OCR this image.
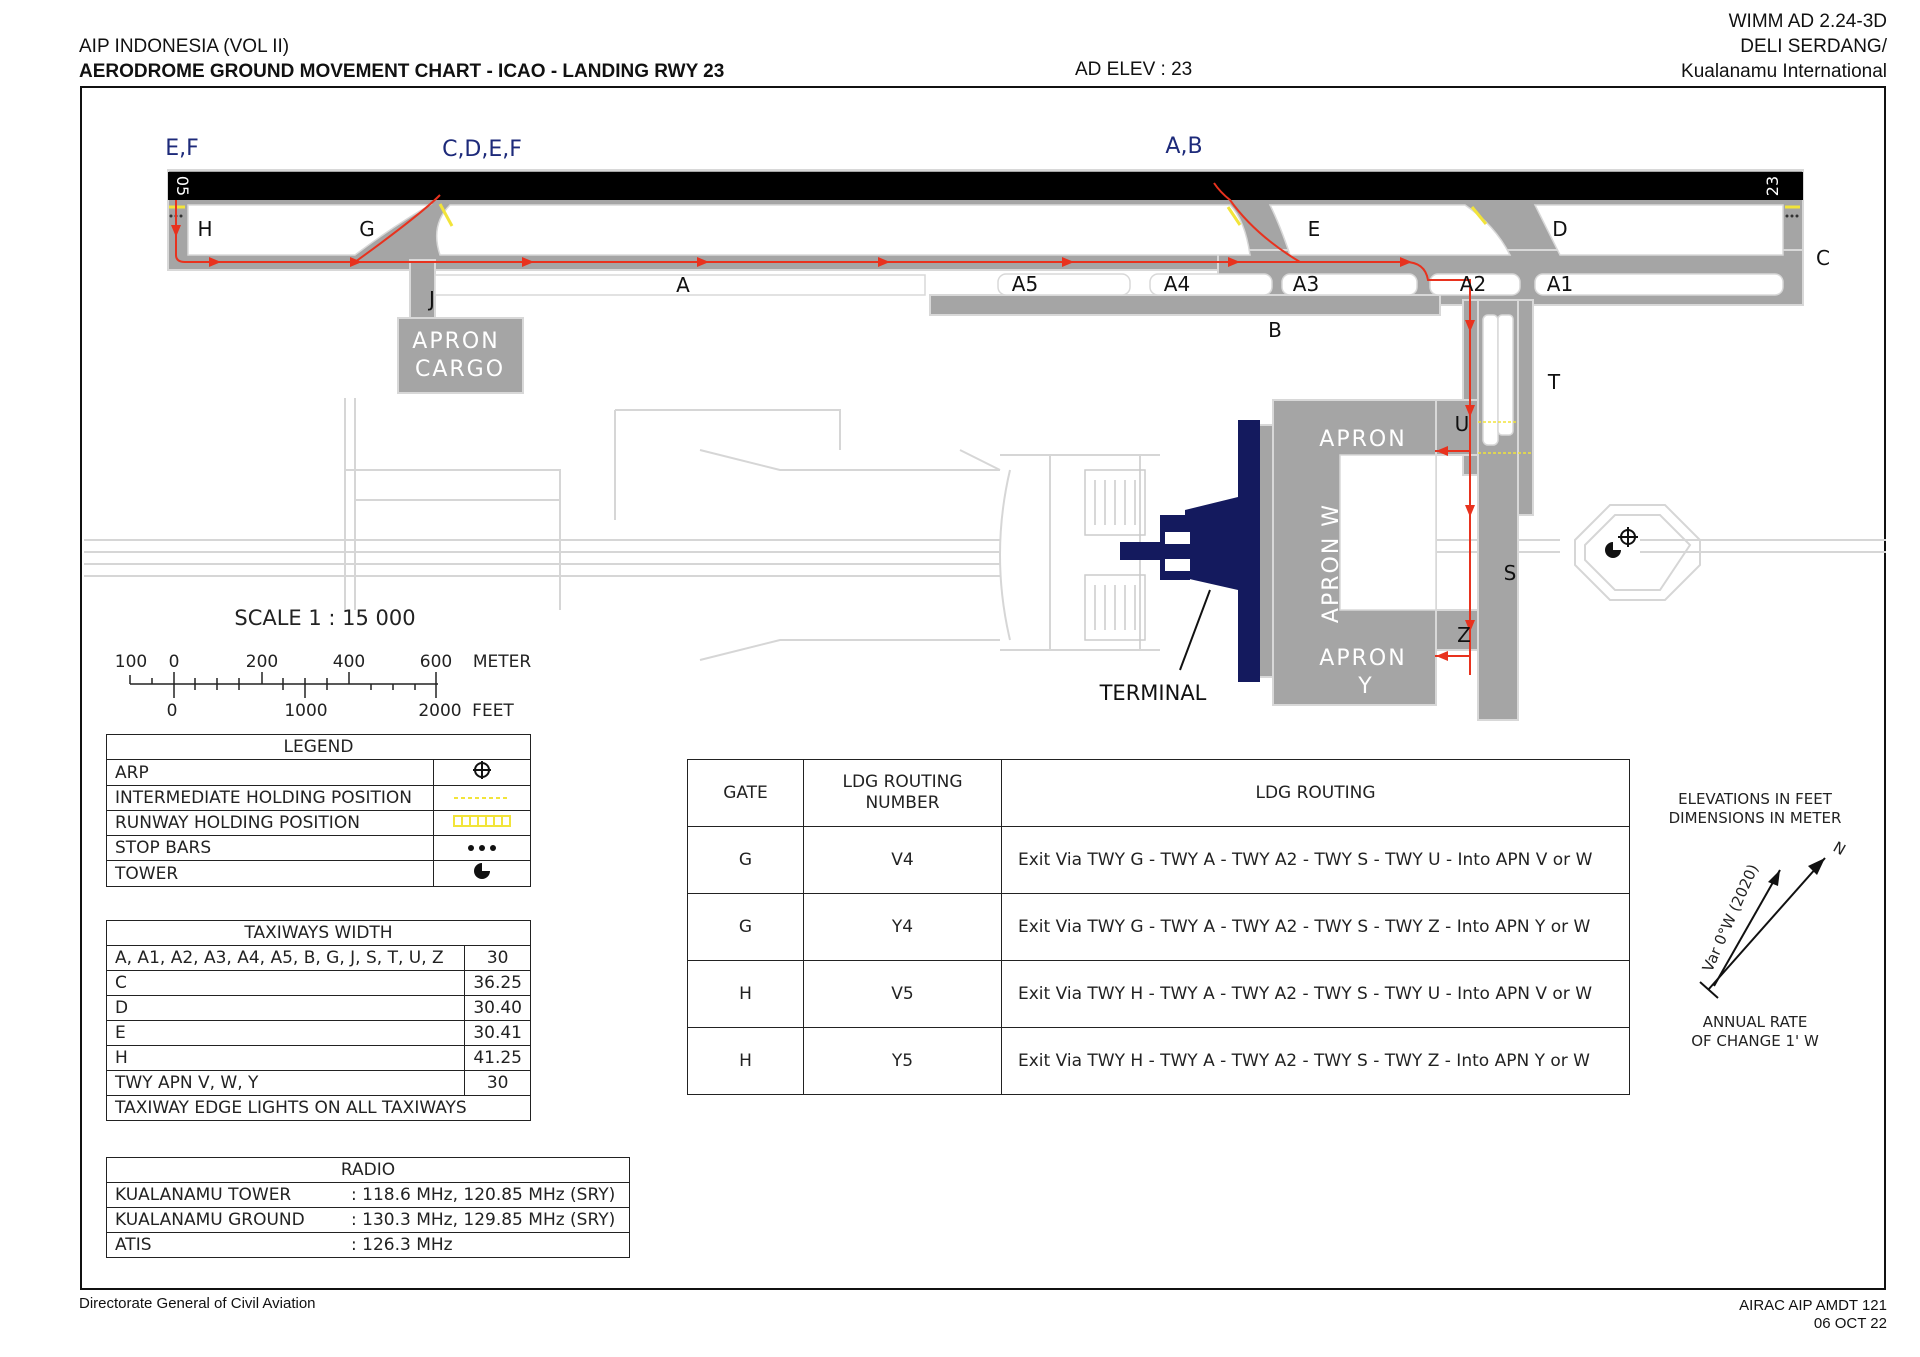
AIP INDONESIA (VOL II)
AERODROME GROUND MOVEMENT CHART - ICAO - LANDING RWY 23	AD ELEV : 23
WIMM AD 2.24-3D
DELI SERDANG/
Kualanamu International
E,F	C,D,E,F	A,B
05	23
H	G	E	D
C
J
A	A5	A4	A3	A2	A1
B
T
U
S
Z
APRON
CARGO
APRON
V
APRON W
APRON
Y
TERMINAL
SCALE 1 : 15 000
100 0	200	400	600 METER
0	1000	2000 FEET
N
Var 0°W (2020)
LEGEND	
ARP	
INTERMEDIATE HOLDING POSITION	
RUNWAY HOLDING POSITION	
STOP BARS	
TOWER	
TAXIWAYS WIDTH	
A, A1, A2, A3, A4, A5, B, G, J, S, T, U, Z	30
C	36.25
D	30.40
E	30.41
H	41.25
TWY APN V, W, Y	30
TAXIWAY EDGE LIGHTS ON ALL TAXIWAYS	
RADIO	
KUALANAMU TOWER	: 118.6 MHz, 120.85 MHz (SRY)
KUALANAMU GROUND	: 130.3 MHz, 129.85 MHz (SRY)
ATIS	: 126.3 MHz
GATE	LDG ROUTING NUMBER	LDG ROUTING
G	V4	Exit Via TWY G - TWY A - TWY A2 - TWY S - TWY U - Into APN V or W
G	Y4	Exit Via TWY G - TWY A - TWY A2 - TWY S - TWY Z - Into APN Y or W
H	V5	Exit Via TWY H - TWY A - TWY A2 - TWY S - TWY U - Into APN V or W
H	Y5	Exit Via TWY H - TWY A - TWY A2 - TWY S - TWY Z - Into APN Y or W
ELEVATIONS IN FEET
DIMENSIONS IN METER
ANNUAL RATE
OF CHANGE 1' W
Directorate General of Civil Aviation	AIRAC AIP AMDT 121
06 OCT 22
